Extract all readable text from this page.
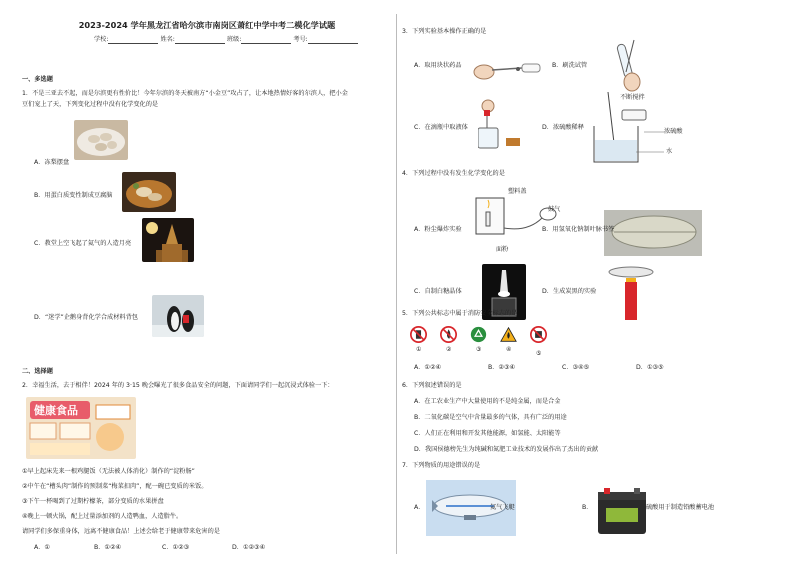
2023-2024 学年黑龙江省哈尔滨市南岗区萧红中学中考二模化学试题
学校:	姓名:	班级:	考号:
一、多选题
1．不是三亚去不起，而是尔滨更有性价比！今年尔滨的冬天被南方“小金豆”攻占了，让本地热情好客的尔滨人，把小金
豆们宠上了天，下列变化过程中没有化学变化的是
A．冻梨摆盘
B．用蛋白质变性制成豆腐脑
C．教堂上空飞起了氦气的人造月亮
D．“迷学”企鹅身背化学合成材料背包
二、选择题
2．幸福生活，去于相伴！2024 年的 3·15 晚会曝光了很多食品安全的问题，下面请同学们一起沉浸式体验一下：
健康食品
①早上起床先来一根鸡腿饭（无法被人体消化）制作的“淀粉肠”
②中午在“槽头肉”制作的预制菜“梅菜扣肉”，配一碗已变质的米饭。
③下午一杯喝到了过期柠檬茶，部分变质的水果拼盘
④晚上一顿火锅，配上过量添加剂的人造鸭血，人造脂牛。
请同学们多保重身体，远离不健康食品！上述会给老于健康带来危害的是
A．①	B．①②④	C．①②③	D．①②③④
3．下列实验基本操作正确的是
A．取用块状药品	B．刷洗试管
C．在滴瓶中取液体
不断搅拌
浓硫酸
水
D．浓硫酸稀释
4．下列过程中没有发生化学变化的是
塑料盖
鼓气
面粉
A．粉尘爆炸实验	B．用氢氧化钠制叶脉书签
C．自制白糖晶体	D．生成炭黑的实验
5．下列公共标志中属于消防安全标志的是
①	②	③	④
⑤
A．①②④	B．②③④	C．③④⑤	D．①③⑤
6．下列叙述错误的是
A．在工农业生产中大量使用的不是纯金属，而是合金
B．二氧化碳是空气中含量最多的气体，具有广泛的用途
C．人们正在利用和开发其他能源，如氢能、太阳能等
D．我国侯德榜先生为纯碱和氮肥工业技术的发展作出了杰出的贡献
7．下列物质的用途错误的是
A．	氦气飞艇	B．	硫酸用于制造铅酸蓄电池
